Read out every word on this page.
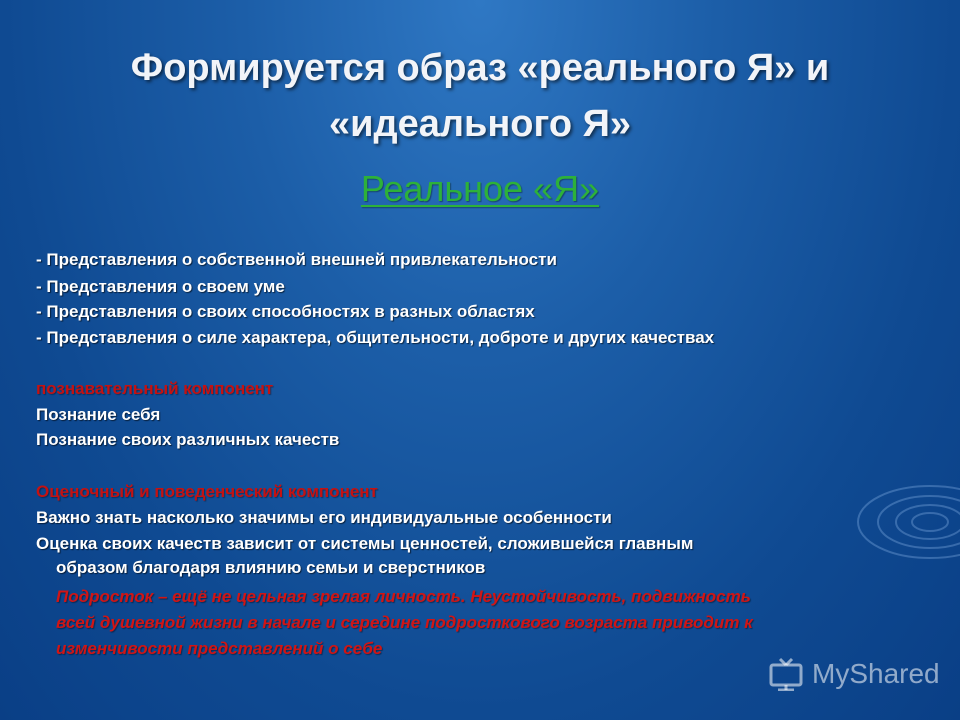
Формируется образ «реального Я» и
«идеального Я»
Реальное «Я»
- Представления о собственной внешней привлекательности
- Представления о своем уме
- Представления о своих способностях в разных областях
- Представления о силе характера, общительности, доброте и других качествах
познавательный компонент
Познание себя
Познание своих различных качеств
Оценочный и поведенческий компонент
Важно знать насколько значимы его индивидуальные особенности
Оценка своих качеств зависит от системы ценностей, сложившейся главным
образом благодаря влиянию семьи и сверстников
Подросток – ещё не цельная зрелая личность. Неустойчивость, подвижность
всей душевной жизни в начале и середине подросткового возраста приводит к
изменчивости представлений о себе
MyShared
